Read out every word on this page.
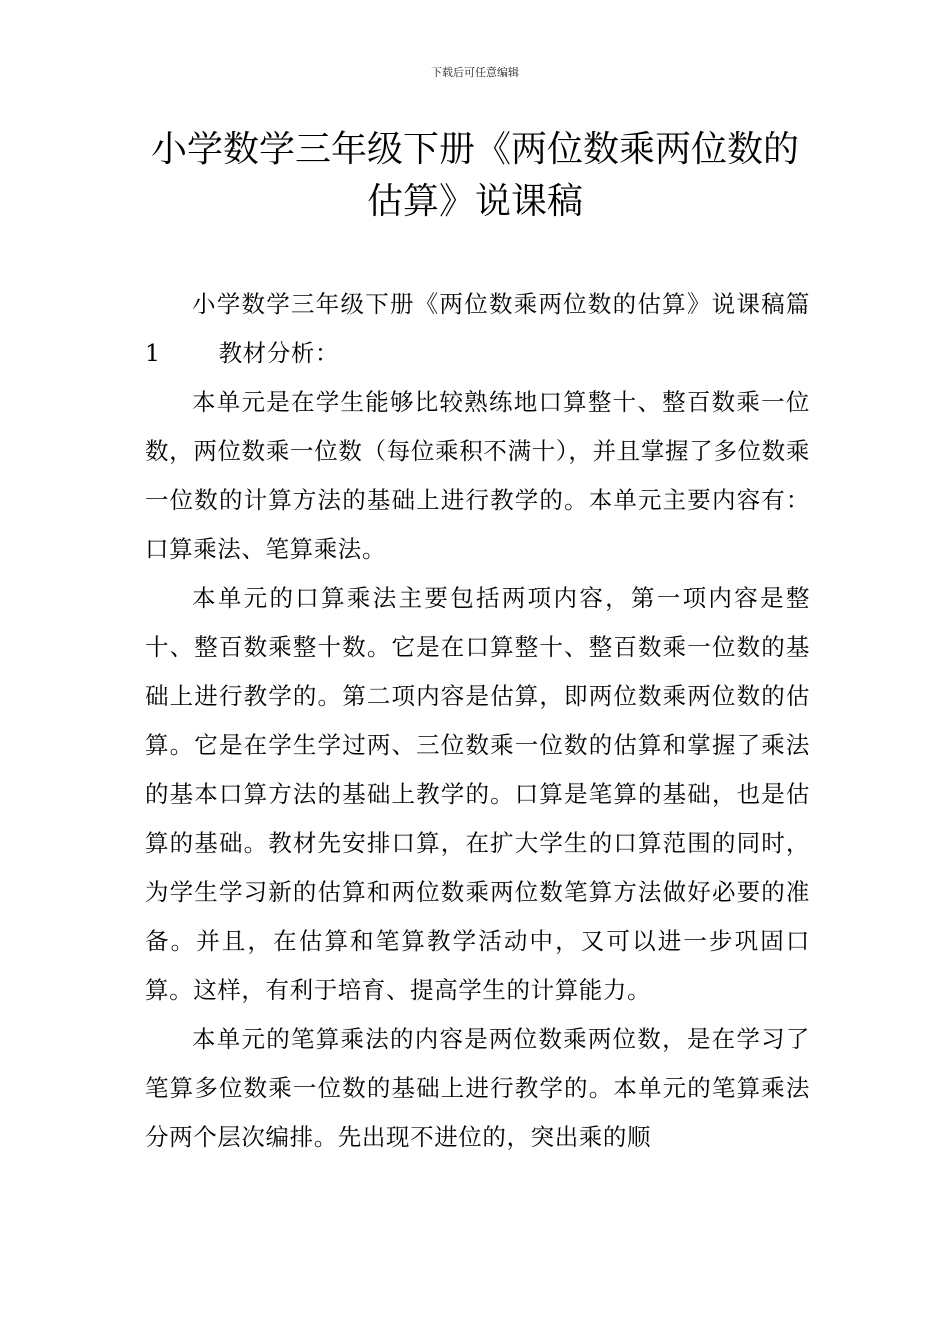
下载后可任意编辑
小学数学三年级下册《两位数乘两位数的
估算》说课稿

小学数学三年级下册《两位数乘两位数的估算》说课稿篇1 教材分析：

本单元是在学生能够比较熟练地口算整十、整百数乘一位数，两位数乘一位数（每位乘积不满十），并且掌握了多位数乘一位数的计算方法的基础上进行教学的。本单元主要内容有：口算乘法、笔算乘法。

本单元的口算乘法主要包括两项内容，第一项内容是整十、整百数乘整十数。它是在口算整十、整百数乘一位数的基础上进行教学的。第二项内容是估算，即两位数乘两位数的估算。它是在学生学过两、三位数乘一位数的估算和掌握了乘法的基本口算方法的基础上教学的。口算是笔算的基础，也是估算的基础。教材先安排口算，在扩大学生的口算范围的同时，为学生学习新的估算和两位数乘两位数笔算方法做好必要的准备。并且，在估算和笔算教学活动中，又可以进一步巩固口算。这样，有利于培育、提高学生的计算能力。

本单元的笔算乘法的内容是两位数乘两位数，是在学习了笔算多位数乘一位数的基础上进行教学的。本单元的笔算乘法分两个层次编排。先出现不进位的，突出乘的顺
